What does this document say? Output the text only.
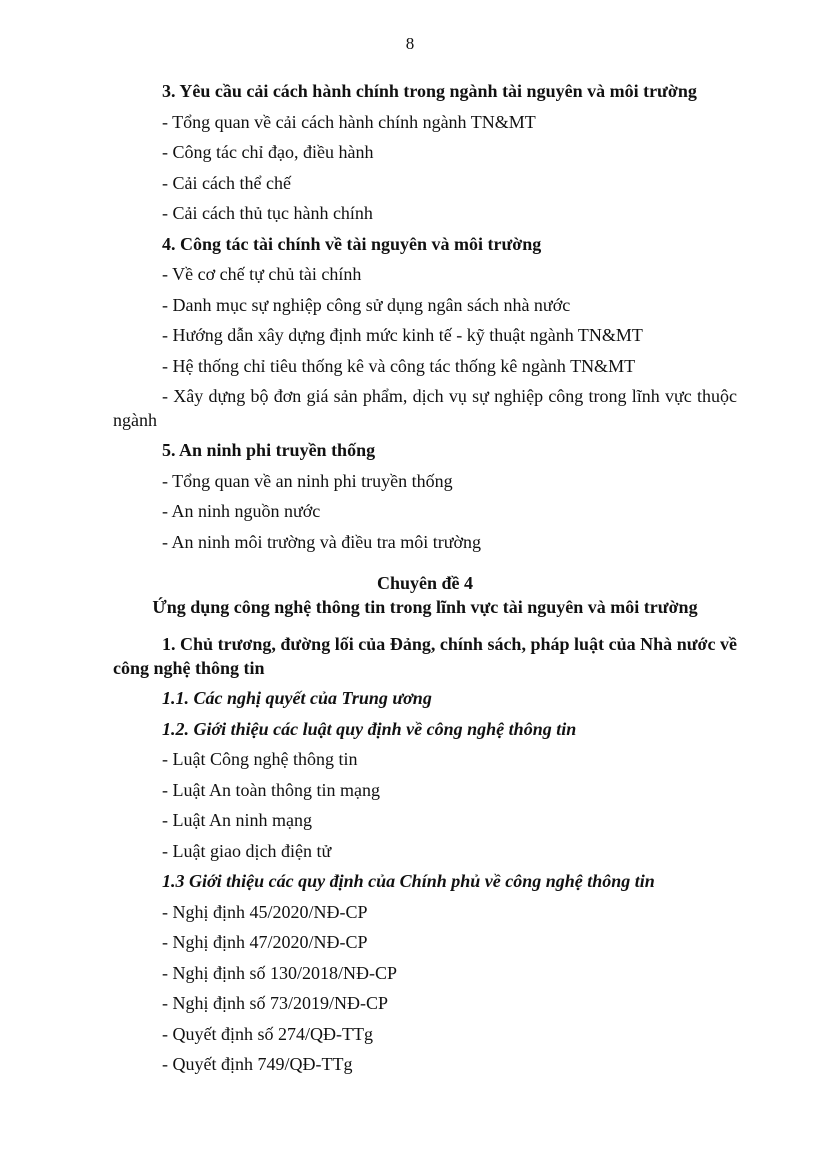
8

3. Yêu cầu cải cách hành chính trong ngành tài nguyên và môi trường

- Tổng quan về cải cách hành chính ngành TN&MT

- Công tác chỉ đạo, điều hành

- Cải cách thể chế

- Cải cách thủ tục hành chính

4. Công tác tài chính về tài nguyên và môi trường

- Về cơ chế tự chủ tài chính

- Danh mục sự nghiệp công sử dụng ngân sách nhà nước

- Hướng dẫn xây dựng định mức kinh tế - kỹ thuật ngành TN&MT

- Hệ thống chỉ tiêu thống kê và công tác thống kê ngành TN&MT

- Xây dựng bộ đơn giá sản phẩm, dịch vụ sự nghiệp công trong lĩnh vực thuộc ngành

5. An ninh phi truyền thống

- Tổng quan về an ninh phi truyền thống

- An ninh nguồn nước

- An ninh môi trường và điều tra môi trường

Chuyên đề 4

Ứng dụng công nghệ thông tin trong lĩnh vực tài nguyên và môi trường

1. Chủ trương, đường lối của Đảng, chính sách, pháp luật của Nhà nước về công nghệ thông tin

1.1. Các nghị quyết của Trung ương

1.2. Giới thiệu các luật quy định về công nghệ thông tin

- Luật Công nghệ thông tin

- Luật An toàn thông tin mạng

- Luật An ninh mạng

- Luật giao dịch điện tử

1.3 Giới thiệu các quy định của Chính phủ về công nghệ thông tin

- Nghị định 45/2020/NĐ-CP

- Nghị định 47/2020/NĐ-CP

- Nghị định số 130/2018/NĐ-CP

- Nghị định số 73/2019/NĐ-CP

- Quyết định số 274/QĐ-TTg

- Quyết định 749/QĐ-TTg
